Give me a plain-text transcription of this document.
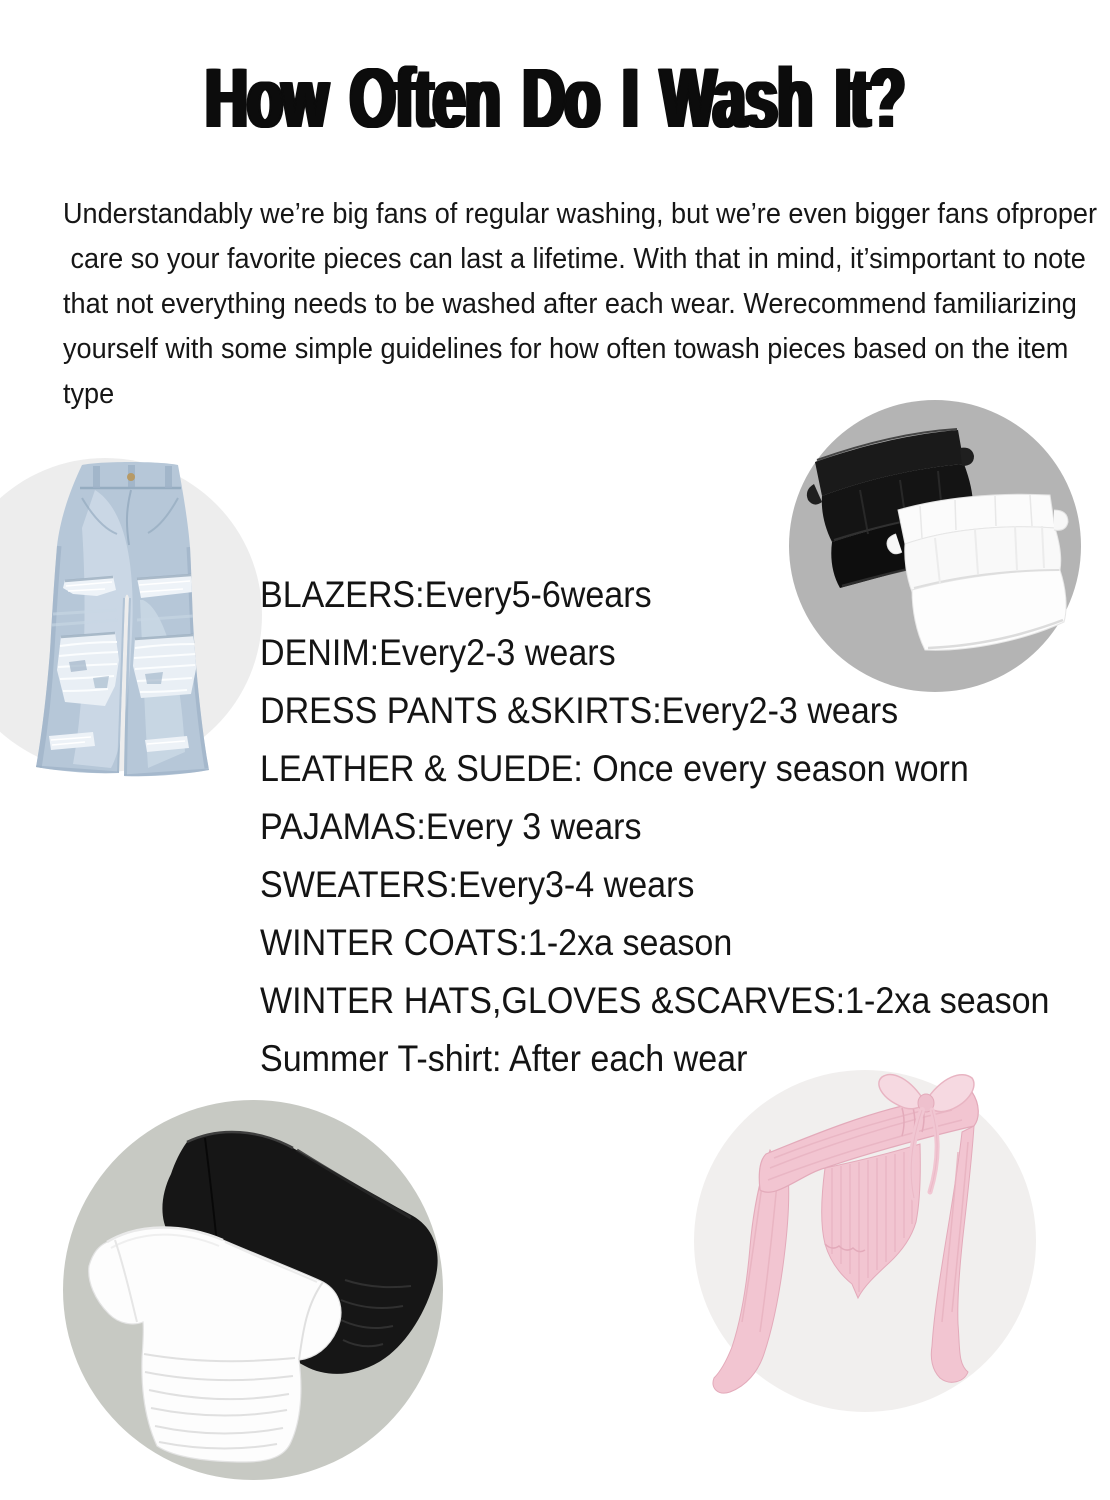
How Often Do I Wash It?
Understandably we’re big fans of regular washing, but we’re even bigger fans ofproper
care so your favorite pieces can last a lifetime. With that in mind, it’simportant to note
that not everything needs to be washed after each wear. Werecommend familiarizing
yourself with some simple guidelines for how often towash pieces based on the item
type
BLAZERS:Every5-6wears
DENIM:Every2-3 wears
DRESS PANTS &SKIRTS:Every2-3 wears
LEATHER & SUEDE: Once every season worn
PAJAMAS:Every 3 wears
SWEATERS:Every3-4 wears
WINTER COATS:1-2xa season
WINTER HATS,GLOVES &SCARVES:1-2xa season
Summer T-shirt: After each wear
